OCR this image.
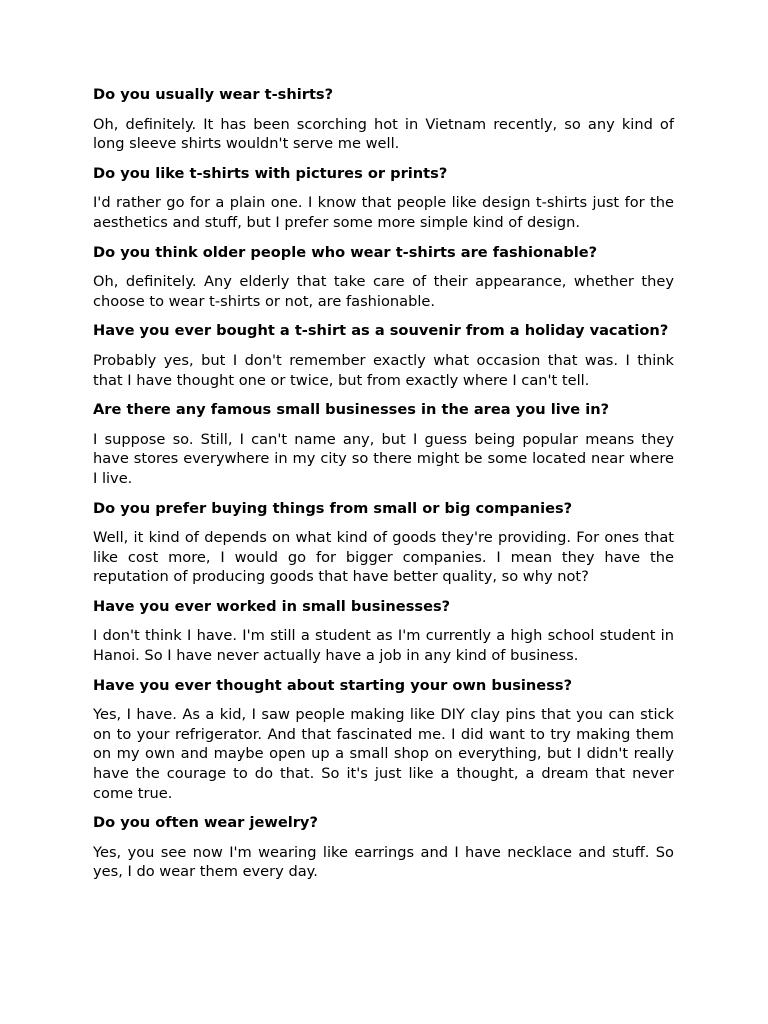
Do you usually wear t-shirts?

Oh, definitely. It has been scorching hot in Vietnam recently, so any kind of long sleeve shirts wouldn't serve me well.

Do you like t-shirts with pictures or prints?

I'd rather go for a plain one. I know that people like design t-shirts just for the aesthetics and stuff, but I prefer some more simple kind of design.

Do you think older people who wear t-shirts are fashionable?

Oh, definitely. Any elderly that take care of their appearance, whether they choose to wear t-shirts or not, are fashionable.

Have you ever bought a t-shirt as a souvenir from a holiday vacation?

Probably yes, but I don't remember exactly what occasion that was. I think that I have thought one or twice, but from exactly where I can't tell.

Are there any famous small businesses in the area you live in?

I suppose so. Still, I can't name any, but I guess being popular means they have stores everywhere in my city so there might be some located near where I live.

Do you prefer buying things from small or big companies?

Well, it kind of depends on what kind of goods they're providing. For ones that like cost more, I would go for bigger companies. I mean they have the reputation of producing goods that have better quality, so why not?

Have you ever worked in small businesses?

I don't think I have. I'm still a student as I'm currently a high school student in Hanoi. So I have never actually have a job in any kind of business.

Have you ever thought about starting your own business?

Yes, I have. As a kid, I saw people making like DIY clay pins that you can stick on to your refrigerator. And that fascinated me. I did want to try making them on my own and maybe open up a small shop on everything, but I didn't really have the courage to do that. So it's just like a thought, a dream that never come true.

Do you often wear jewelry?

Yes, you see now I'm wearing like earrings and I have necklace and stuff. So yes, I do wear them every day.
